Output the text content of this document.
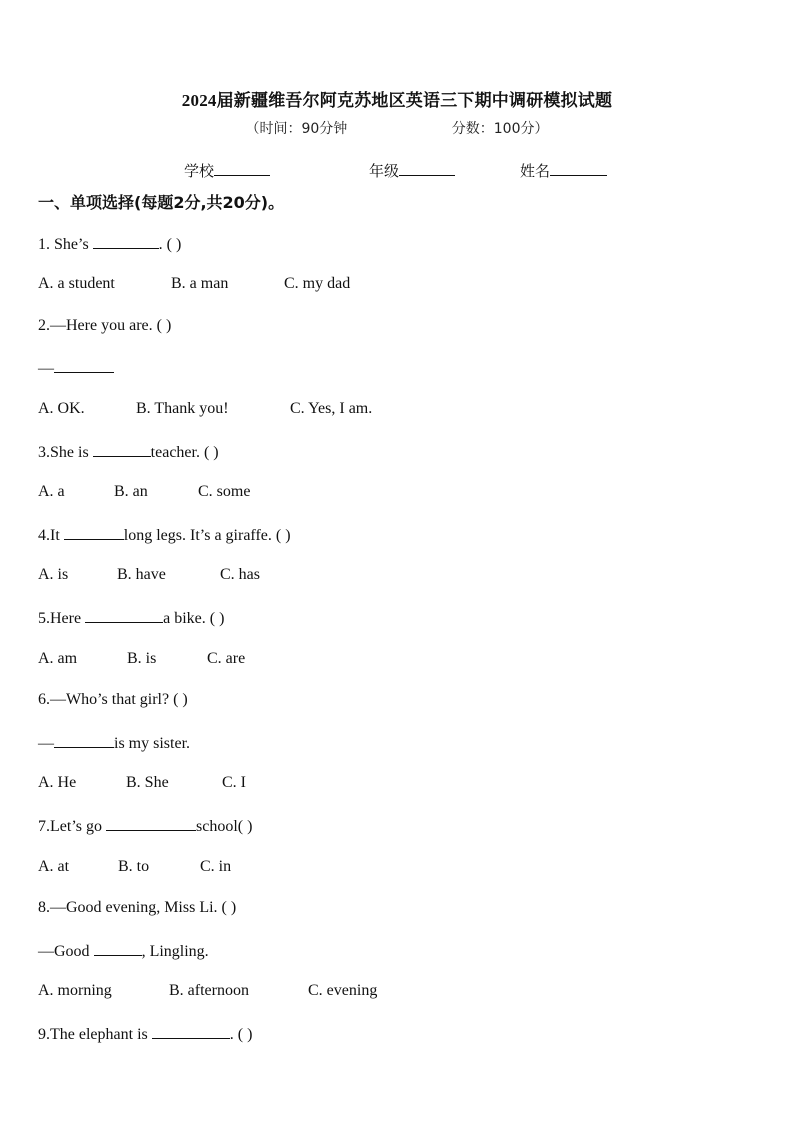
2024届新疆维吾尔阿克苏地区英语三下期中调研模拟试题
（时间：90分钟	分数：100分）
学校	年级	姓名
一、单项选择(每题2分,共20分)。
1. She’s	. ( )
A. a student	B. a man	C. my dad
2.—Here you are. ( )
—
A. OK.	B. Thank you!	C. Yes, I am.
3.She is	teacher. ( )
A. a	B. an	C. some
4.It	long legs. It’s a giraffe. ( )
A. is	B. have	C. has
5.Here	a bike. ( )
A. am	B. is	C. are
6.—Who’s that girl? ( )
—	is my sister.
A. He	B. She	C. I
7.Let’s go	school( )
A. at	B. to	C. in
8.—Good evening, Miss Li. ( )
—Good	, Lingling.
A. morning	B. afternoon	C. evening
9.The elephant is	. ( )
